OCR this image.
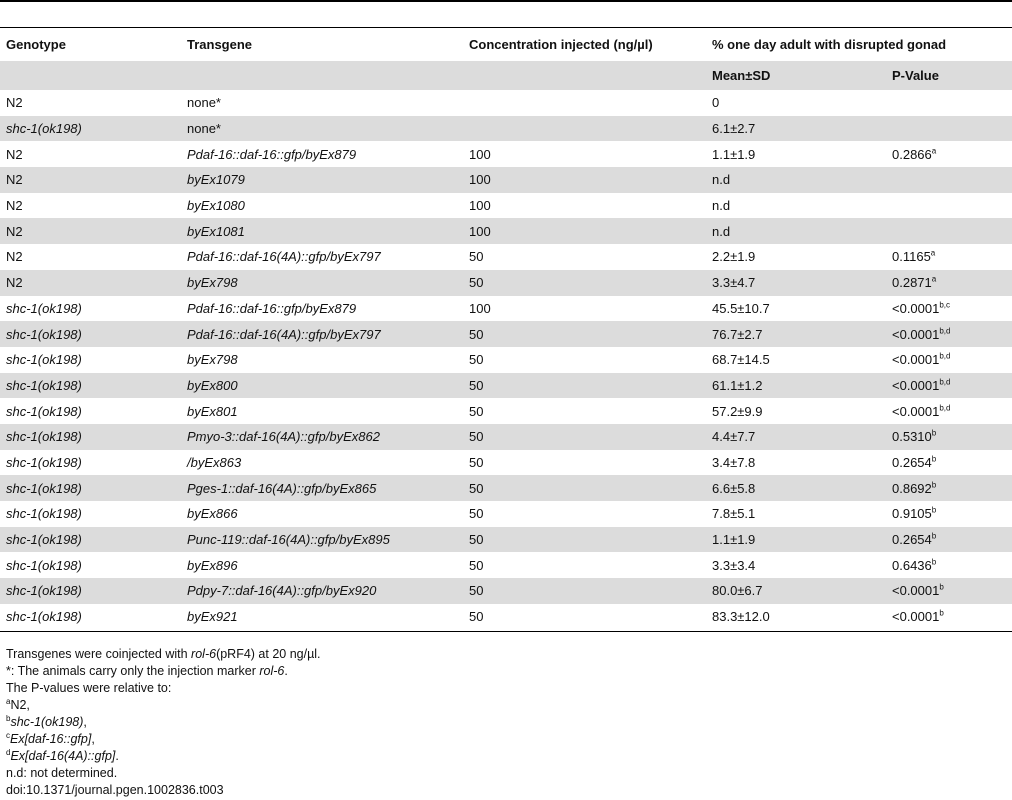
Genotype	Transgene	Concentration injected (ng/µl)	% one day adult with disrupted gonad	
			Mean±SD	P-Value
N2	none*		0	
shc-1(ok198)	none*		6.1±2.7	
N2	Pdaf-16::daf-16::gfp/byEx879	100	1.1±1.9	0.2866$^a$
N2	byEx1079	100	n.d	
N2	byEx1080	100	n.d	
N2	byEx1081	100	n.d	
N2	Pdaf-16::daf-16(4A)::gfp/byEx797	50	2.2±1.9	0.1165$^a$
N2	byEx798	50	3.3±4.7	0.2871$^a$
shc-1(ok198)	Pdaf-16::daf-16::gfp/byEx879	100	45.5±10.7	$<0.0001^{b,c}$
shc-1(ok198)	Pdaf-16::daf-16(4A)::gfp/byEx797	50	76.7±2.7	$<0.0001^{b,d}$
shc-1(ok198)	byEx798	50	68.7±14.5	$<0.0001^{b,d}$
shc-1(ok198)	byEx800	50	61.1±1.2	$<0.0001^{b,d}$
shc-1(ok198)	byEx801	50	57.2±9.9	$<0.0001^{b,d}$
shc-1(ok198)	Pmyo-3::daf-16(4A)::gfp/byEx862	50	4.4±7.7	0.5310$^b$
shc-1(ok198)	/byEx863	50	3.4±7.8	0.2654$^b$
shc-1(ok198)	Pges-1::daf-16(4A)::gfp/byEx865	50	6.6±5.8	0.8692$^b$
shc-1(ok198)	byEx866	50	7.8±5.1	0.9105$^b$
shc-1(ok198)	Punc-119::daf-16(4A)::gfp/byEx895	50	1.1±1.9	0.2654$^b$
shc-1(ok198)	byEx896	50	3.3±3.4	0.6436$^b$
shc-1(ok198)	Pdpy-7::daf-16(4A)::gfp/byEx920	50	80.0±6.7	<0.0001$^b$
shc-1(ok198)	byEx921	50	83.3±12.0	<0.0001$^b$
Transgenes were coinjected with rol-6(pRF4) at 20 ng/µl.
*: The animals carry only the injection marker rol-6.
The P-values were relative to:
$^a$N2,
$^b$shc-1(ok198),
$^c$Ex[daf-16::gfp],
$^d$Ex[daf-16(4A)::gfp].
n.d: not determined.
doi:10.1371/journal.pgen.1002836.t003
